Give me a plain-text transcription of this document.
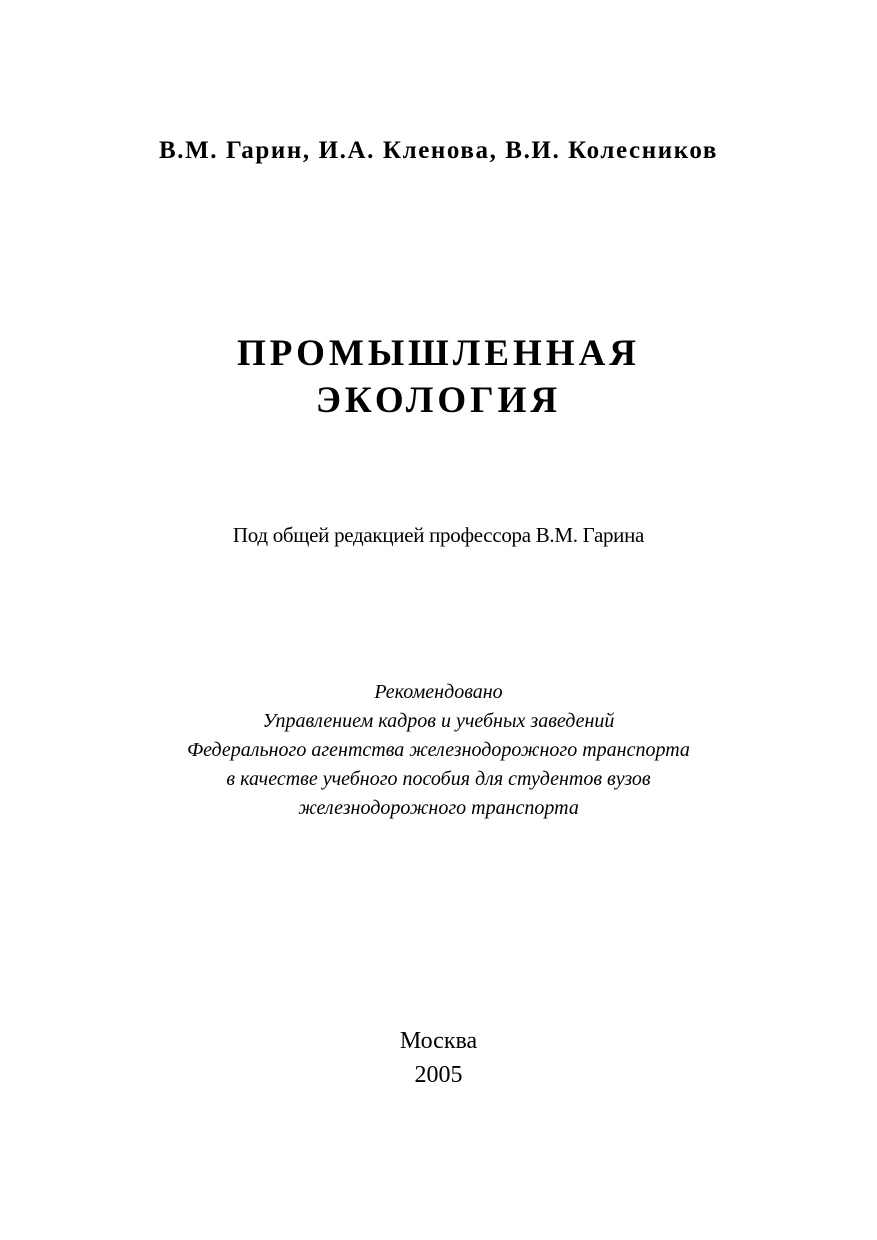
В.М. Гарин, И.А. Кленова, В.И. Колесников
ПРОМЫШЛЕННАЯ
ЭКОЛОГИЯ
Под общей редакцией профессора В.М. Гарина
Рекомендовано
Управлением кадров и учебных заведений
Федерального агентства железнодорожного транспорта
в качестве учебного пособия для студентов вузов
железнодорожного транспорта
Москва
2005
